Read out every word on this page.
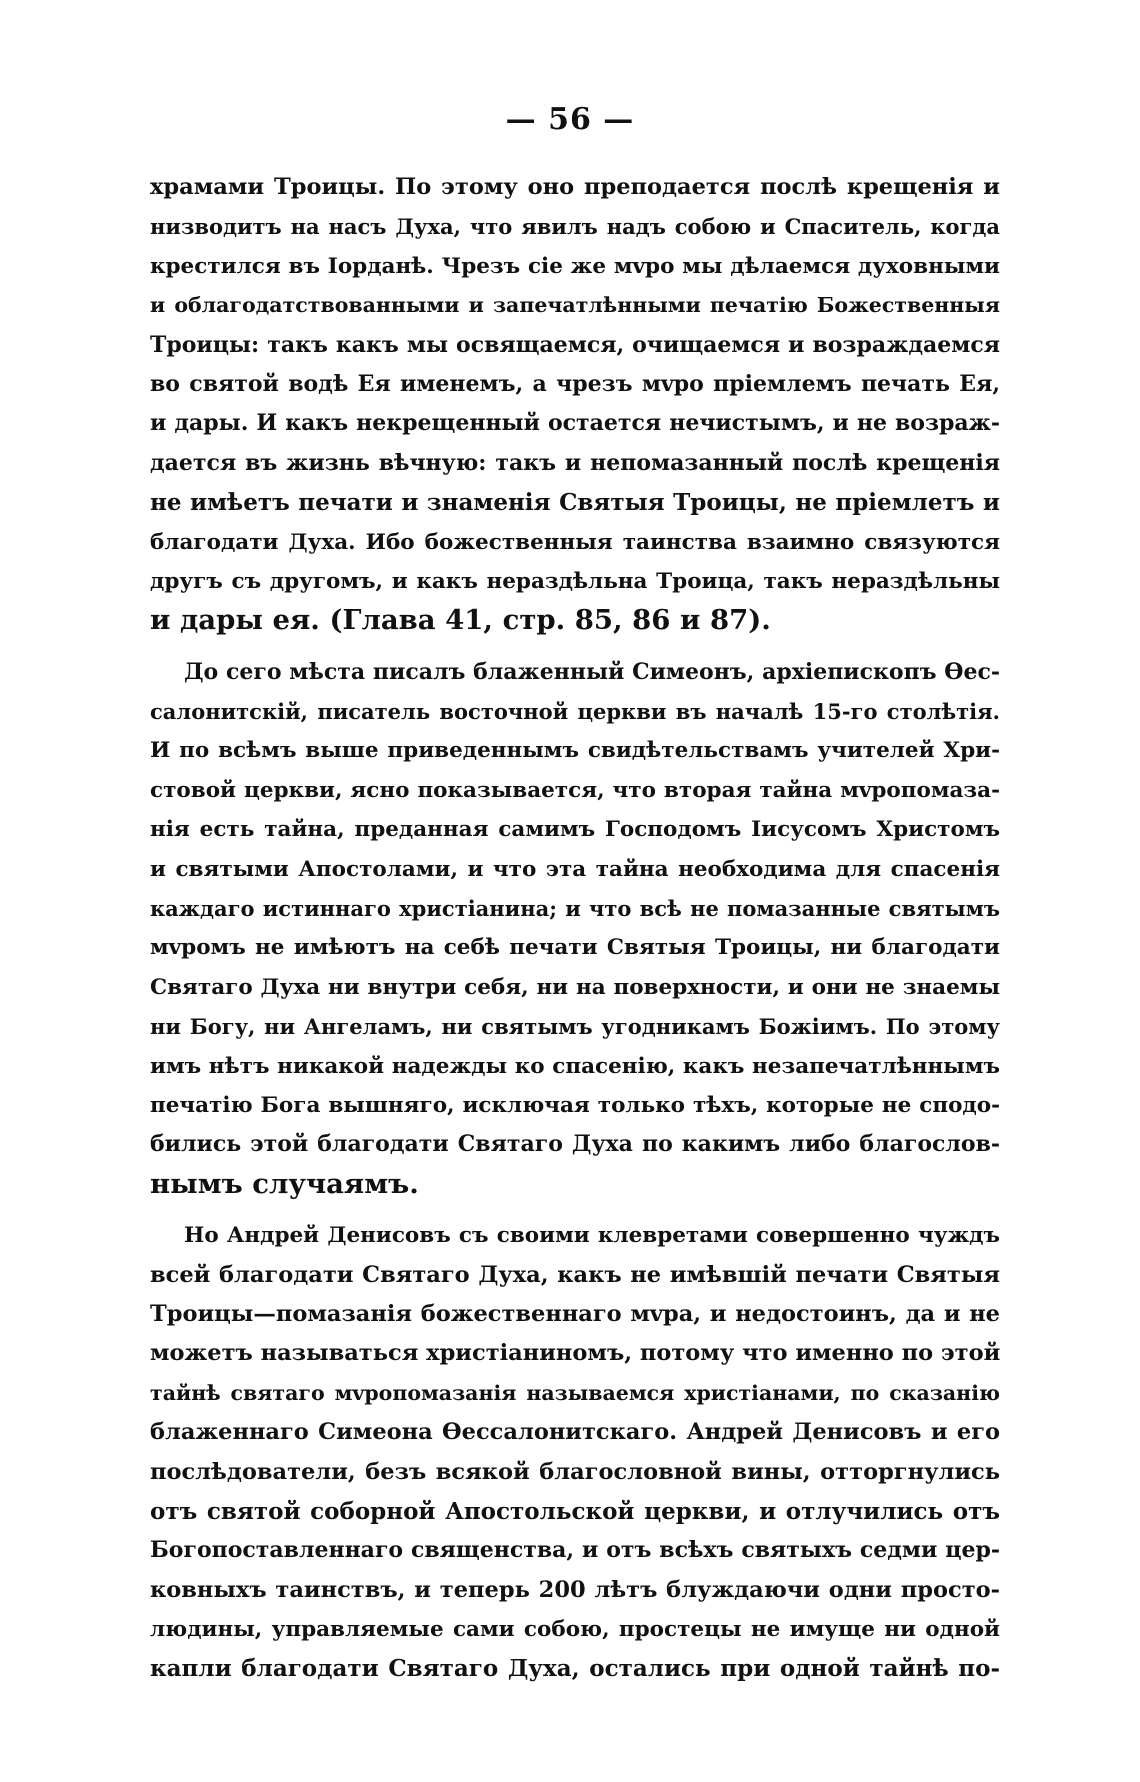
— 56 —
храмами Троицы. По этому оно преподается послѣ крещенія и
низводитъ на насъ Духа, что явилъ надъ собою и Спаситель, когда
крестился въ Іорданѣ. Чрезъ сіе же мvро мы дѣлаемся духовными
и облагодатствованными и запечатлѣнными печатію Божественныя
Троицы: такъ какъ мы освящаемся, очищаемся и возраждаемся
во святой водѣ Ея именемъ, а чрезъ мvро пріемлемъ печать Ея,
и дары. И какъ некрещенный остается нечистымъ, и не возраж-
дается въ жизнь вѣчную: такъ и непомазанный послѣ крещенія
не имѣетъ печати и знаменія Святыя Троицы, не пріемлетъ и
благодати Духа. Ибо божественныя таинства взаимно связуются
другъ съ другомъ, и какъ нераздѣльна Троица, такъ нераздѣльны
и дары ея. (Глава 41, стр. 85, 86 и 87).
До сего мѣста писалъ блаженный Симеонъ, архіепископъ Ѳес-
салонитскій, писатель восточной церкви въ началѣ 15-го столѣтія.
И по всѣмъ выше приведеннымъ свидѣтельствамъ учителей Хри-
стовой церкви, ясно показывается, что вторая тайна мvропомаза-
нія есть тайна, преданная самимъ Господомъ Іисусомъ Христомъ
и святыми Апостолами, и что эта тайна необходима для спасенія
каждаго истиннаго христіанина; и что всѣ не помазанные святымъ
мvромъ не имѣютъ на себѣ печати Святыя Троицы, ни благодати
Святаго Духа ни внутри себя, ни на поверхности, и они не знаемы
ни Богу, ни Ангеламъ, ни святымъ угодникамъ Божіимъ. По этому
имъ нѣтъ никакой надежды ко спасенію, какъ незапечатлѣннымъ
печатію Бога вышняго, исключая только тѣхъ, которые не сподо-
бились этой благодати Святаго Духа по какимъ либо благослов-
нымъ случаямъ.
Но Андрей Денисовъ съ своими клевретами совершенно чуждъ
всей благодати Святаго Духа, какъ не имѣвшій печати Святыя
Троицы—помазанія божественнаго мvра, и недостоинъ, да и не
можетъ называться христіаниномъ, потому что именно по этой
тайнѣ святаго мvропомазанія называемся христіанами, по сказанію
блаженнаго Симеона Ѳессалонитскаго. Андрей Денисовъ и его
послѣдователи, безъ всякой благословной вины, отторгнулись
отъ святой соборной Апостольской церкви, и отлучились отъ
Богопоставленнаго священства, и отъ всѣхъ святыхъ седми цер-
ковныхъ таинствъ, и теперь 200 лѣтъ блуждаючи одни просто-
людины, управляемые сами собою, простецы не имуще ни одной
капли благодати Святаго Духа, остались при одной тайнѣ по-
